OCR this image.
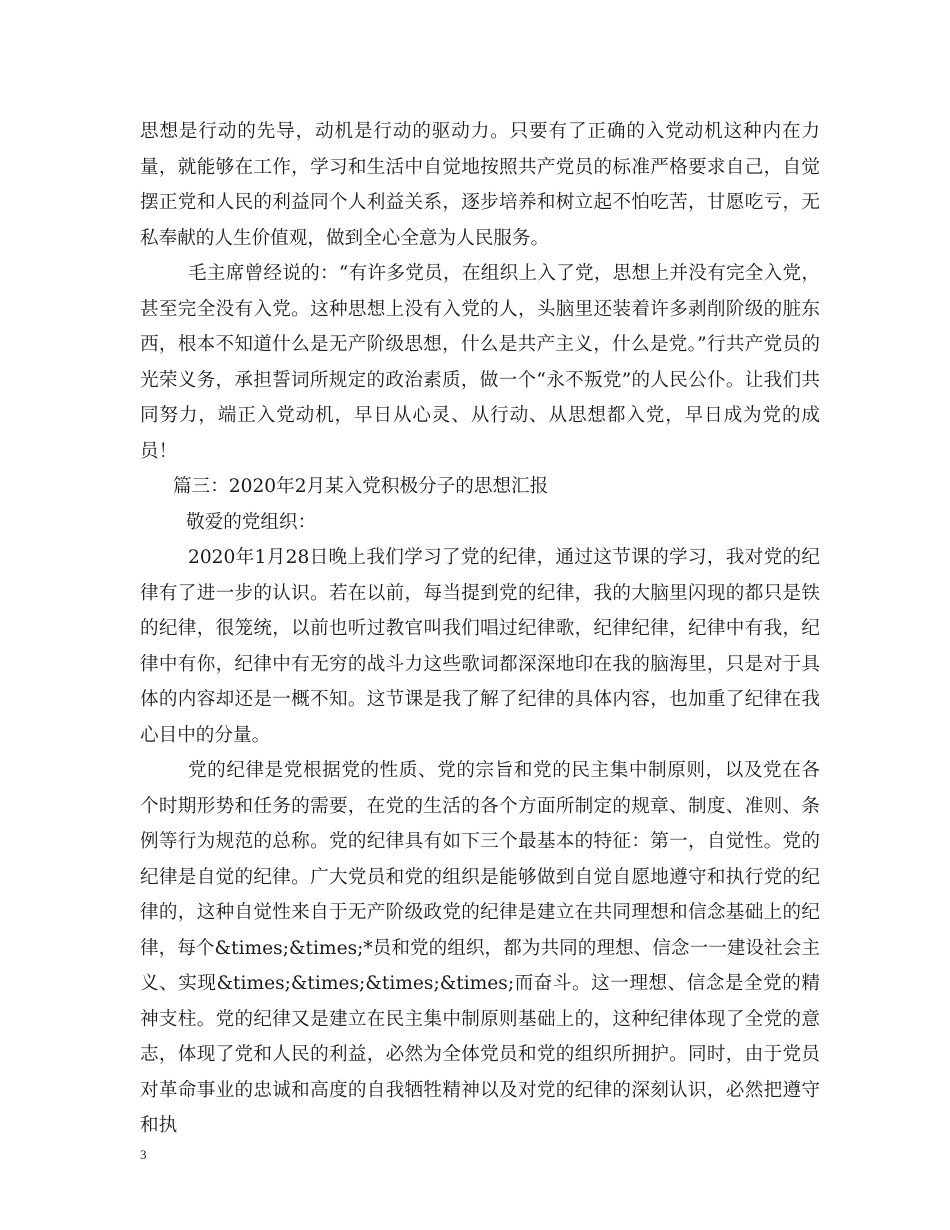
思想是行动的先导，动机是行动的驱动力。只要有了正确的入党动机这种内在力量，就能够在工作，学习和生活中自觉地按照共产党员的标准严格要求自己，自觉摆正党和人民的利益同个人利益关系，逐步培养和树立起不怕吃苦，甘愿吃亏，无私奉献的人生价值观，做到全心全意为人民服务。

毛主席曾经说的：“有许多党员，在组织上入了党，思想上并没有完全入党，甚至完全没有入党。这种思想上没有入党的人，头脑里还装着许多剥削阶级的脏东西，根本不知道什么是无产阶级思想，什么是共产主义，什么是党。”行共产党员的光荣义务，承担誓词所规定的政治素质，做一个“永不叛党”的人民公仆。让我们共同努力，端正入党动机，早日从心灵、从行动、从思想都入党，早日成为党的成员！

篇三：2020年2月某入党积极分子的思想汇报

敬爱的党组织：

2020年1月28日晚上我们学习了党的纪律，通过这节课的学习，我对党的纪律有了进一步的认识。若在以前，每当提到党的纪律，我的大脑里闪现的都只是铁的纪律，很笼统，以前也听过教官叫我们唱过纪律歌，纪律纪律，纪律中有我，纪律中有你，纪律中有无穷的战斗力这些歌词都深深地印在我的脑海里，只是对于具体的内容却还是一概不知。这节课是我了解了纪律的具体内容，也加重了纪律在我心目中的分量。

党的纪律是党根据党的性质、党的宗旨和党的民主集中制原则，以及党在各个时期形势和任务的需要，在党的生活的各个方面所制定的规章、制度、准则、条例等行为规范的总称。党的纪律具有如下三个最基本的特征：第一，自觉性。党的纪律是自觉的纪律。广大党员和党的组织是能够做到自觉自愿地遵守和执行党的纪律的，这种自觉性来自于无产阶级政党的纪律是建立在共同理想和信念基础上的纪律，每个&times;&times;*员和党的组织，都为共同的理想、信念一一建设社会主义、实现&times;&times;&times;&times;而奋斗。这一理想、信念是全党的精神支柱。党的纪律又是建立在民主集中制原则基础上的，这种纪律体现了全党的意志，体现了党和人民的利益，必然为全体党员和党的组织所拥护。同时，由于党员对革命事业的忠诚和高度的自我牺牲精神以及对党的纪律的深刻认识，必然把遵守和执

3
